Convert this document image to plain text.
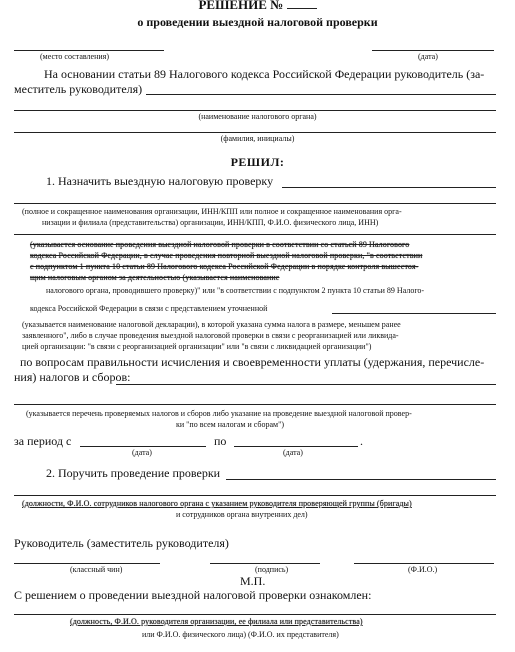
РЕШЕНИЕ №
о проведении выездной налоговой проверки
(место составления)	(дата)
На основании статьи 89 Налогового кодекса Российской Федерации руководитель (за-
меститель руководителя)
(наименование налогового органа)
(фамилия, инициалы)
РЕШИЛ:
1. Назначить выездную налоговую проверку
(полное и сокращенное наименования организации, ИНН/КПП или полное и сокращенное наименования орга-
низации и филиала (представительства) организации, ИНН/КПП, Ф.И.О. физического лица, ИНН)
(указывается основание проведения выездной налоговой проверки в соответствии со статьей 89 Налогового
кодекса Российской Федерации, в случае проведения повторной выездной налоговой проверки, "в соответствии
с подпунктом 1 пункта 10 статьи 89 Налогового кодекса Российской Федерации в порядке контроля вышестоя-
щим налоговым органом за деятельностью (указывается наименование
налогового органа, проводившего проверку)" или "в соответствии с подпунктом 2 пункта 10 статьи 89 Налого-
кодекса Российской Федерации в связи с представлением уточненной
(указывается наименование налоговой декларации), в которой указана сумма налога в размере, меньшем ранее
заявленного", либо в случае проведения выездной налоговой проверки в связи с реорганизацией или ликвида-
цией организации: "в связи с реорганизацией организации" или "в связи с ликвидацией организации")
по вопросам правильности исчисления и своевременности уплаты (удержания, перечисле-
ния) налогов и сборов:
(указывается перечень проверяемых налогов и сборов либо указание на проведение выездной налоговой провер-
ки "по всем налогам и сборам")
за период с	по	.
(дата)	(дата)
2. Поручить проведение проверки
(должности, Ф.И.О. сотрудников налогового органа с указанием руководителя проверяющей группы (бригады)
и сотрудников органа внутренних дел)
Руководитель (заместитель руководителя)
(классный чин)	(подпись)	(Ф.И.О.)
М.П.
С решением о проведении выездной налоговой проверки ознакомлен:
(должность, Ф.И.О. руководителя организации, ее филиала или представительства)
или Ф.И.О. физического лица) (Ф.И.О. их представителя)
